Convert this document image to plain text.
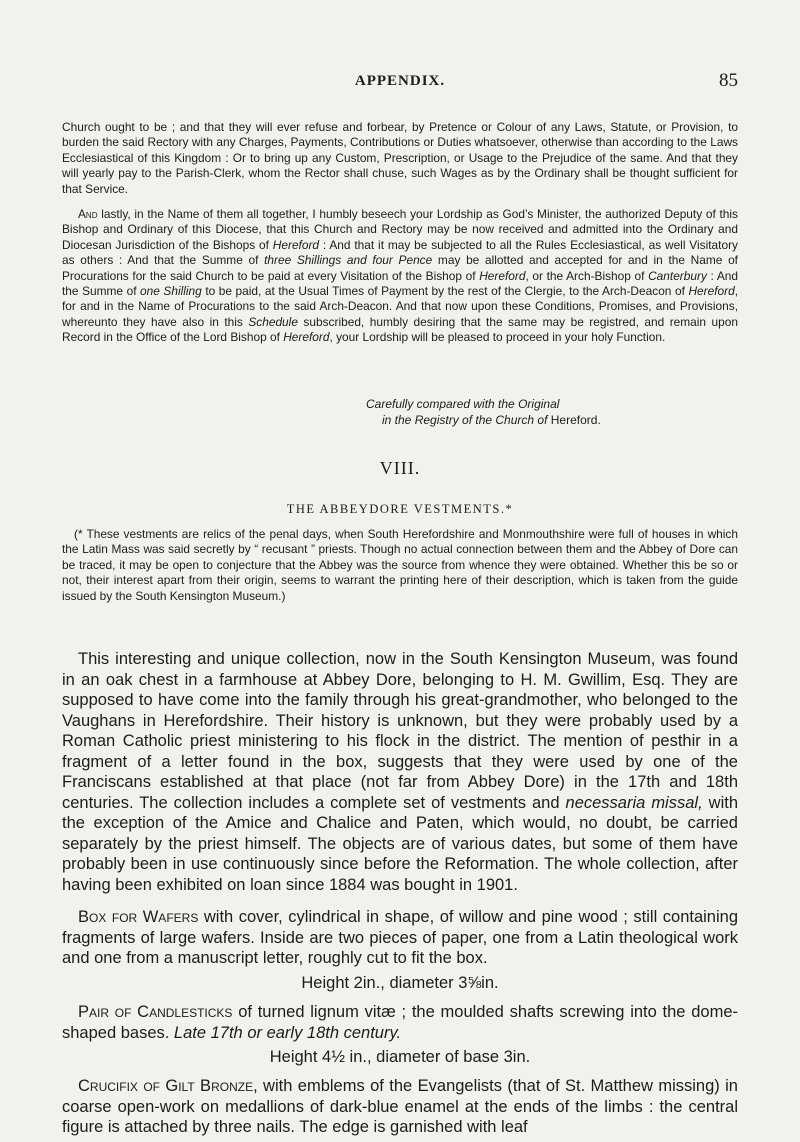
APPENDIX.	85

Church ought to be ; and that they will ever refuse and forbear, by Pretence or Colour of any Laws, Statute, or Provision, to burden the said Rectory with any Charges, Payments, Contributions or Duties whatsoever, otherwise than according to the Laws Ecclesiastical of this Kingdom : Or to bring up any Custom, Prescription, or Usage to the Prejudice of the same. And that they will yearly pay to the Parish-Clerk, whom the Rector shall chuse, such Wages as by the Ordinary shall be thought sufficient for that Service.

And lastly, in the Name of them all together, I humbly beseech your Lordship as God’s Minister, the authorized Deputy of this Bishop and Ordinary of this Diocese, that this Church and Rectory may be now received and admitted into the Ordinary and Diocesan Jurisdiction of the Bishops of Hereford : And that it may be subjected to all the Rules Ecclesiastical, as well Visitatory as others : And that the Summe of three Shillings and four Pence may be allotted and accepted for and in the Name of Procurations for the said Church to be paid at every Visitation of the Bishop of Hereford, or the Arch-Bishop of Canterbury : And the Summe of one Shilling to be paid, at the Usual Times of Payment by the rest of the Clergie, to the Arch-Deacon of Hereford, for and in the Name of Procurations to the said Arch-Deacon. And that now upon these Conditions, Promises, and Provisions, whereunto they have also in this Schedule subscribed, humbly desiring that the same may be registred, and remain upon Record in the Office of the Lord Bishop of Hereford, your Lordship will be pleased to proceed in your holy Function.

Carefully compared with the Original
in the Registry of the Church of Hereford.
VIII.
THE ABBEYDORE VESTMENTS.*

(* These vestments are relics of the penal days, when South Herefordshire and Monmouthshire were full of houses in which the Latin Mass was said secretly by “ recusant ” priests. Though no actual connection between them and the Abbey of Dore can be traced, it may be open to conjecture that the Abbey was the source from whence they were obtained. Whether this be so or not, their interest apart from their origin, seems to warrant the printing here of their description, which is taken from the guide issued by the South Kensington Museum.)

This interesting and unique collection, now in the South Kensington Museum, was found in an oak chest in a farmhouse at Abbey Dore, belonging to H. M. Gwillim, Esq. They are supposed to have come into the family through his great-grandmother, who belonged to the Vaughans in Herefordshire. Their history is unknown, but they were probably used by a Roman Catholic priest ministering to his flock in the district. The mention of pesthir in a fragment of a letter found in the box, suggests that they were used by one of the Franciscans established at that place (not far from Abbey Dore) in the 17th and 18th centuries. The collection includes a complete set of vestments and necessaria missal, with the exception of the Amice and Chalice and Paten, which would, no doubt, be carried separately by the priest himself. The objects are of various dates, but some of them have probably been in use continuously since before the Reformation. The whole collection, after having been exhibited on loan since 1884 was bought in 1901.

Box for Wafers with cover, cylindrical in shape, of willow and pine wood ; still containing fragments of large wafers. Inside are two pieces of paper, one from a Latin theological work and one from a manuscript letter, roughly cut to fit the box.

Height 2in., diameter 3⅝in.

Pair of Candlesticks of turned lignum vitæ ; the moulded shafts screwing into the dome-shaped bases. Late 17th or early 18th century.

Height 4½ in., diameter of base 3in.

Crucifix of Gilt Bronze, with emblems of the Evangelists (that of St. Matthew missing) in coarse open-work on medallions of dark-blue enamel at the ends of the limbs : the central figure is attached by three nails. The edge is garnished with leaf
